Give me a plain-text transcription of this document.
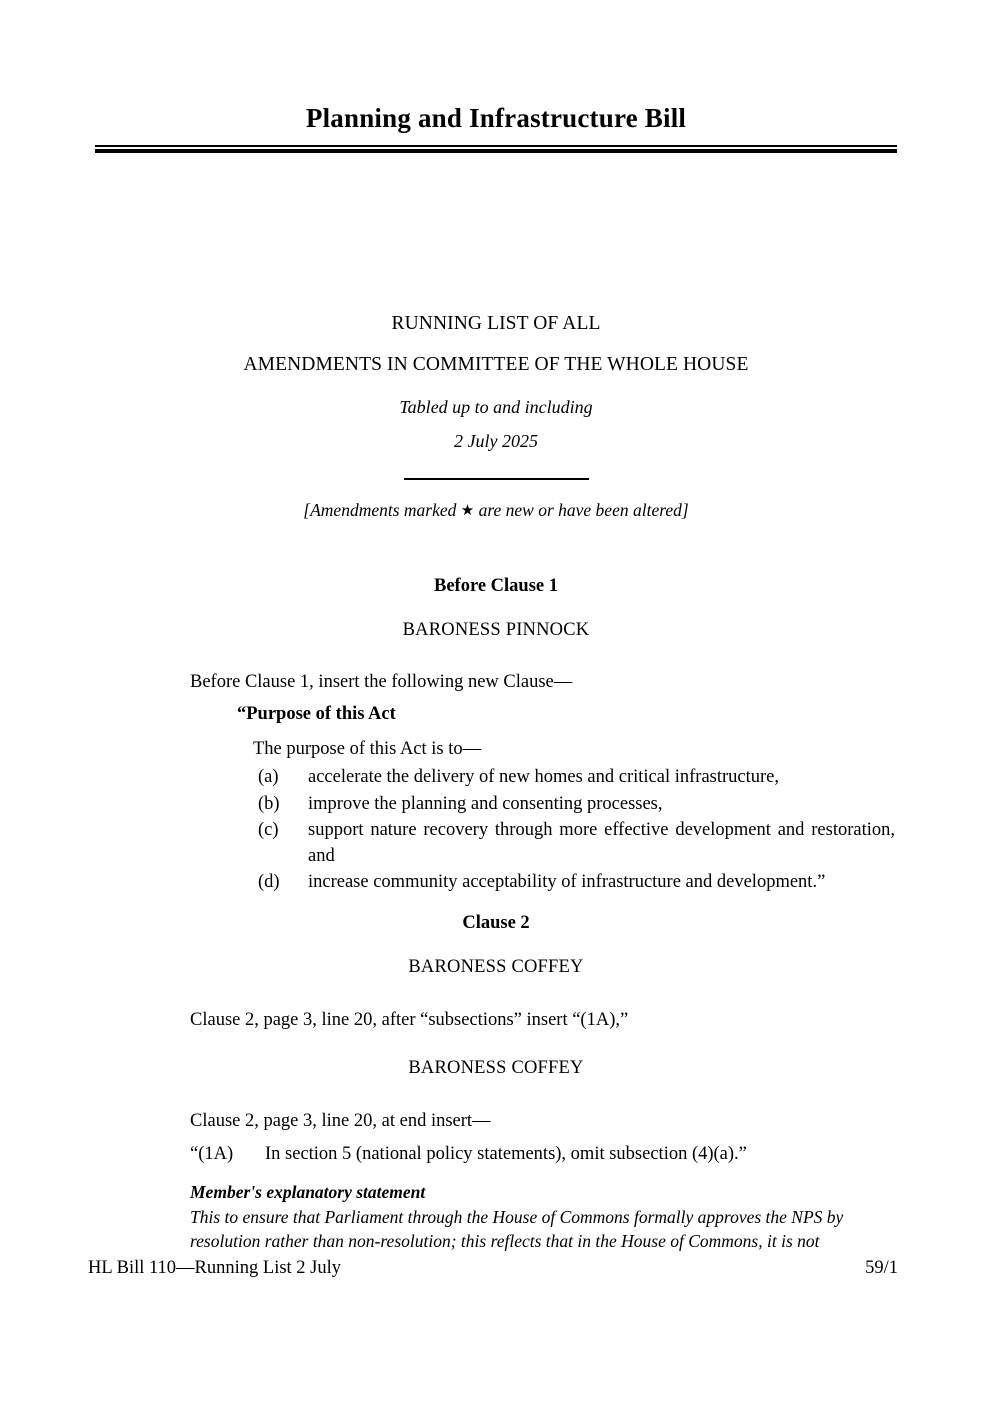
Planning and Infrastructure Bill
RUNNING LIST OF ALL
AMENDMENTS IN COMMITTEE OF THE WHOLE HOUSE
Tabled up to and including
2 July 2025
[Amendments marked ★ are new or have been altered]
Before Clause 1
BARONESS PINNOCK
Before Clause 1, insert the following new Clause—
“Purpose of this Act
The purpose of this Act is to—
(a)	accelerate the delivery of new homes and critical infrastructure,
(b)	improve the planning and consenting processes,
(c)	support nature recovery through more effective development and restoration, and
(d)	increase community acceptability of infrastructure and development.”
Clause 2
BARONESS COFFEY
Clause 2, page 3, line 20, after “subsections” insert “(1A),”
BARONESS COFFEY
Clause 2, page 3, line 20, at end insert—
“(1A)	In section 5 (national policy statements), omit subsection (4)(a).”
Member's explanatory statement
This to ensure that Parliament through the House of Commons formally approves the NPS by resolution rather than non-resolution; this reflects that in the House of Commons, it is not
HL Bill 110—Running List 2 July	59/1
